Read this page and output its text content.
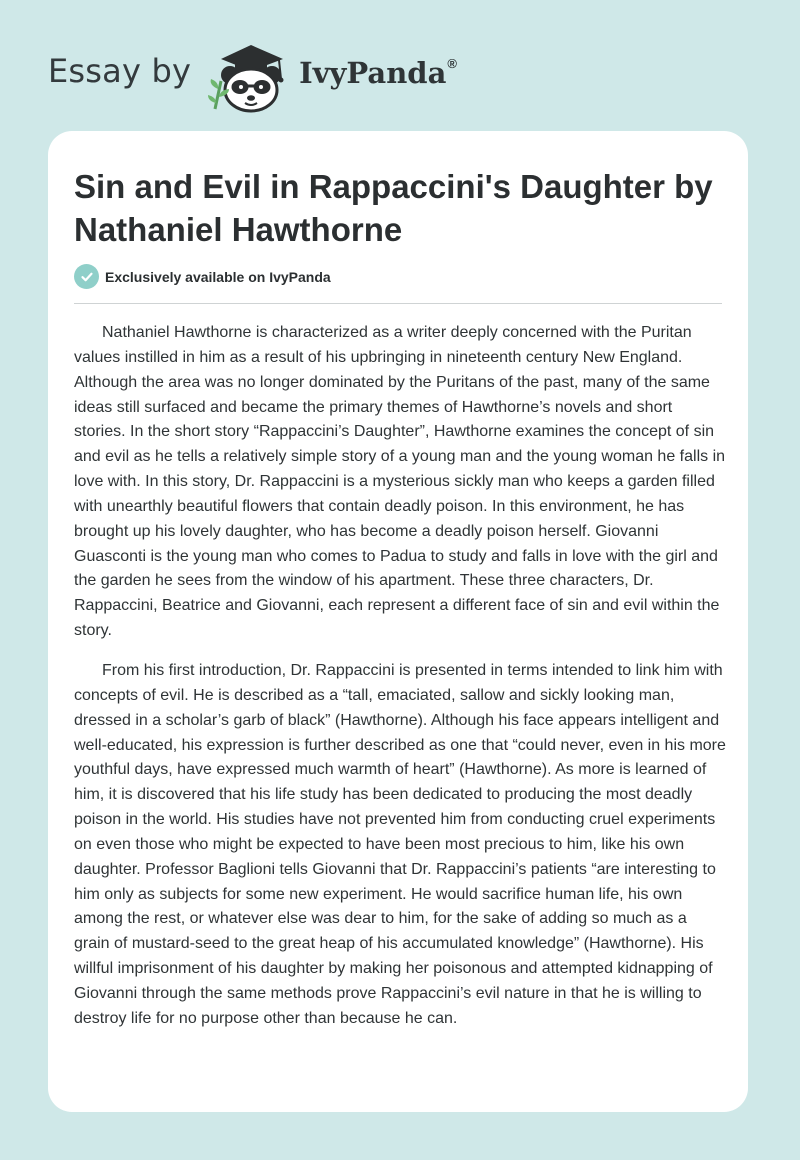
Essay by	IvyPanda®
Sin and Evil in Rappaccini's Daughter by Nathaniel Hawthorne
Exclusively available on IvyPanda

Nathaniel Hawthorne is characterized as a writer deeply concerned with the Puritan values instilled in him as a result of his upbringing in nineteenth century New England. Although the area was no longer dominated by the Puritans of the past, many of the same ideas still surfaced and became the primary themes of Hawthorne’s novels and short stories. In the short story “Rappaccini’s Daughter”, Hawthorne examines the concept of sin and evil as he tells a relatively simple story of a young man and the young woman he falls in love with. In this story, Dr. Rappaccini is a mysterious sickly man who keeps a garden filled with unearthly beautiful flowers that contain deadly poison. In this environment, he has brought up his lovely daughter, who has become a deadly poison herself. Giovanni Guasconti is the young man who comes to Padua to study and falls in love with the girl and the garden he sees from the window of his apartment. These three characters, Dr. Rappaccini, Beatrice and Giovanni, each represent a different face of sin and evil within the story.

From his first introduction, Dr. Rappaccini is presented in terms intended to link him with concepts of evil. He is described as a “tall, emaciated, sallow and sickly looking man, dressed in a scholar’s garb of black” (Hawthorne). Although his face appears intelligent and well-educated, his expression is further described as one that “could never, even in his more youthful days, have expressed much warmth of heart” (Hawthorne). As more is learned of him, it is discovered that his life study has been dedicated to producing the most deadly poison in the world. His studies have not prevented him from conducting cruel experiments on even those who might be expected to have been most precious to him, like his own daughter. Professor Baglioni tells Giovanni that Dr. Rappaccini’s patients “are interesting to him only as subjects for some new experiment. He would sacrifice human life, his own among the rest, or whatever else was dear to him, for the sake of adding so much as a grain of mustard-seed to the great heap of his accumulated knowledge” (Hawthorne). His willful imprisonment of his daughter by making her poisonous and attempted kidnapping of Giovanni through the same methods prove Rappaccini’s evil nature in that he is willing to destroy life for no purpose other than because he can.
